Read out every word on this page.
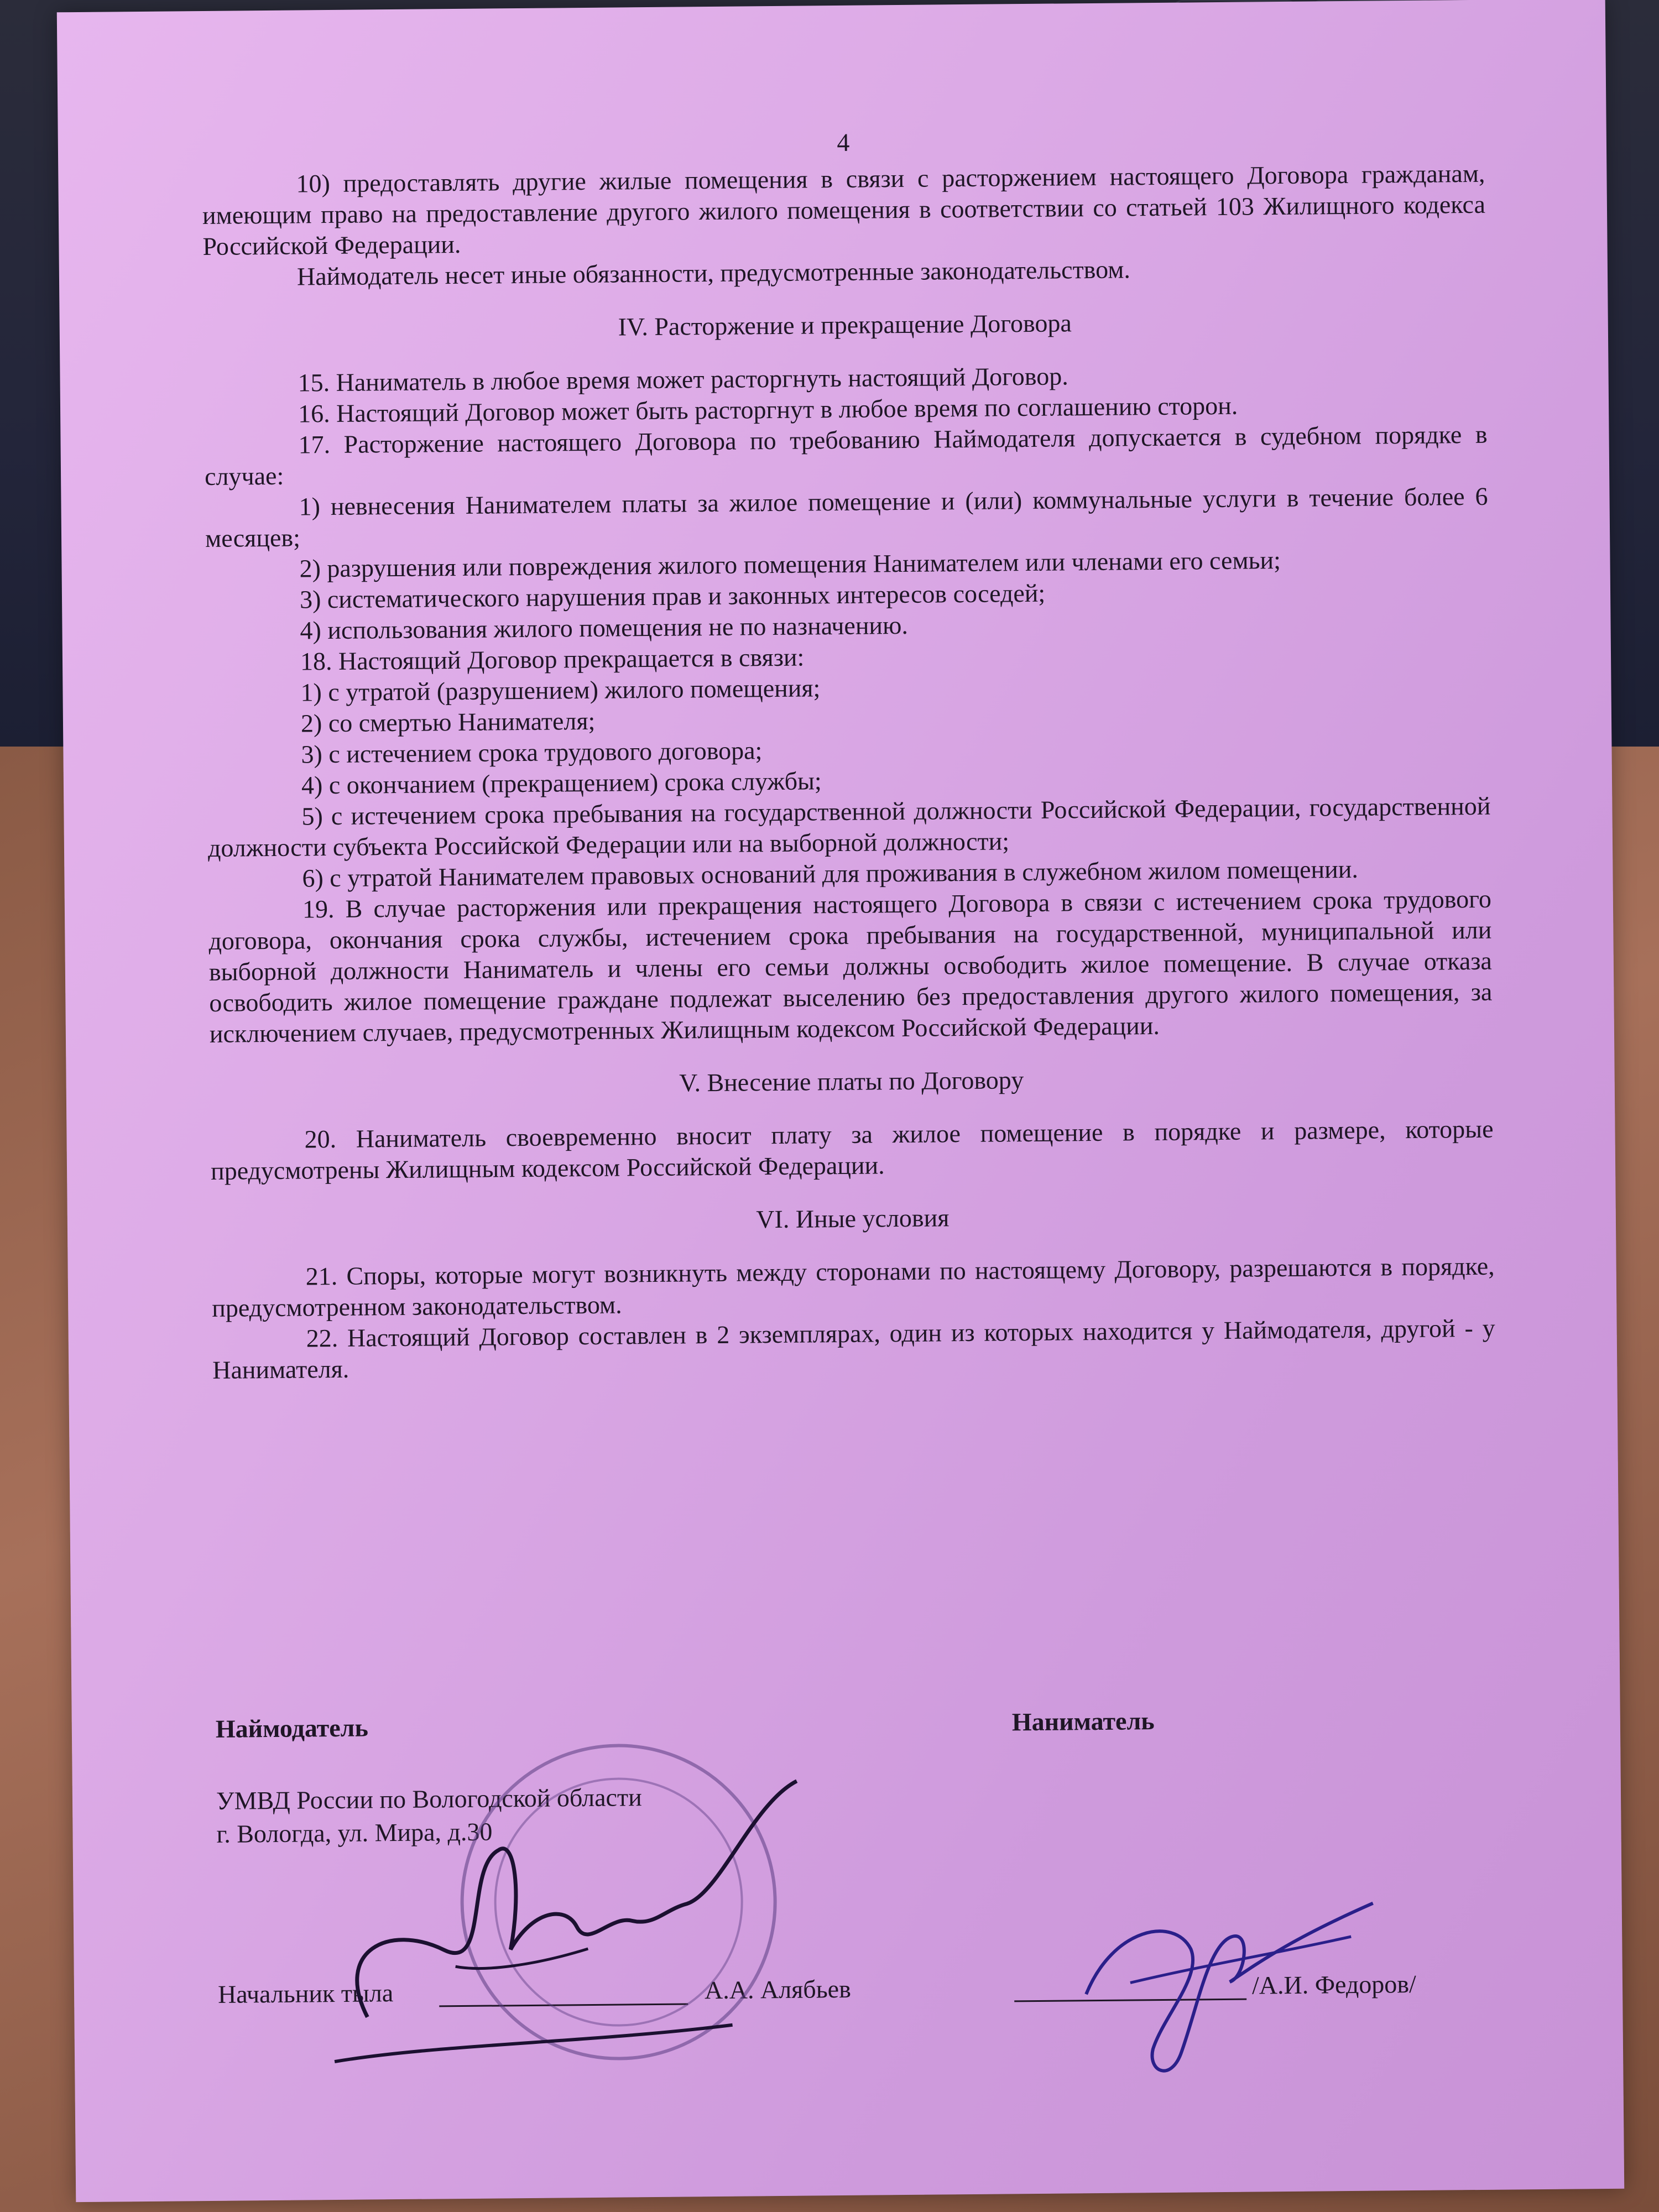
4

10) предоставлять другие жилые помещения в связи с расторжением настоящего Договора гражданам, имеющим право на предоставление другого жилого помещения в соответствии со статьей 103 Жилищного кодекса Российской Федерации.

Наймодатель несет иные обязанности, предусмотренные законодательством.

IV. Расторжение и прекращение Договора

15. Наниматель в любое время может расторгнуть настоящий Договор.

16. Настоящий Договор может быть расторгнут в любое время по соглашению сторон.

17. Расторжение настоящего Договора по требованию Наймодателя допускается в судебном порядке в случае:

1) невнесения Нанимателем платы за жилое помещение и (или) коммунальные услуги в течение более 6 месяцев;

2) разрушения или повреждения жилого помещения Нанимателем или членами его семьи;

3) систематического нарушения прав и законных интересов соседей;

4) использования жилого помещения не по назначению.

18. Настоящий Договор прекращается в связи:

1) с утратой (разрушением) жилого помещения;

2) со смертью Нанимателя;

3) с истечением срока трудового договора;

4) с окончанием (прекращением) срока службы;

5) с истечением срока пребывания на государственной должности Российской Федерации, государственной должности субъекта Российской Федерации или на выборной должности;

6) с утратой Нанимателем правовых оснований для проживания в служебном жилом помещении.

19. В случае расторжения или прекращения настоящего Договора в связи с истечением срока трудового договора, окончания срока службы, истечением срока пребывания на государственной, муниципальной или выборной должности Наниматель и члены его семьи должны освободить жилое помещение. В случае отказа освободить жилое помещение граждане подлежат выселению без предоставления другого жилого помещения, за исключением случаев, предусмотренных Жилищным кодексом Российской Федерации.

V. Внесение платы по Договору

20. Наниматель своевременно вносит плату за жилое помещение в порядке и размере, которые предусмотрены Жилищным кодексом Российской Федерации.

VI. Иные условия

21. Споры, которые могут возникнуть между сторонами по настоящему Договору, разрешаются в порядке, предусмотренном законодательством.

22. Настоящий Договор составлен в 2 экземплярах, один из которых находится у Наймодателя, другой - у Нанимателя.

Наймодатель	Наниматель
УМВД России по Вологодской области
г. Вологда, ул. Мира, д.30
Начальник тыла	А.А. Алябьев	/А.И. Федоров/
